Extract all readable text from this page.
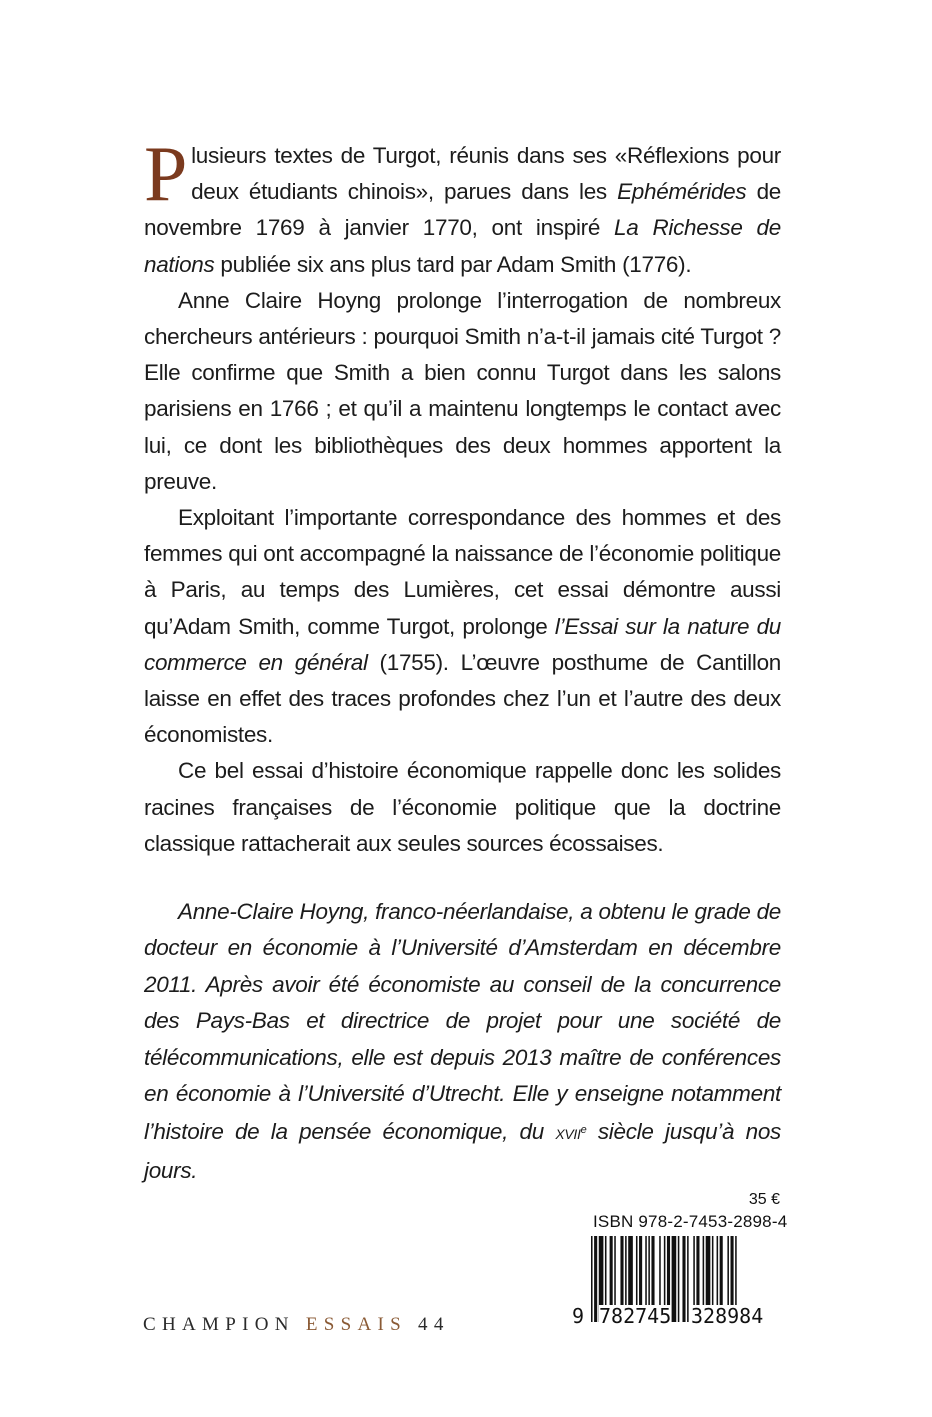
Plusieurs textes de Turgot, réunis dans ses «Réflexions pour deux étudiants chinois», parues dans les Ephémérides de novembre 1769 à janvier 1770, ont inspiré La Richesse de nations publiée six ans plus tard par Adam Smith (1776).

Anne Claire Hoyng prolonge l’interrogation de nombreux chercheurs antérieurs : pourquoi Smith n’a-t-il jamais cité Turgot ? Elle confirme que Smith a bien connu Turgot dans les salons parisiens en 1766 ; et qu’il a maintenu longtemps le contact avec lui, ce dont les bibliothèques des deux hommes apportent la preuve.

Exploitant l’importante correspondance des hommes et des femmes qui ont accompagné la naissance de l’économie politique à Paris, au temps des Lumières, cet essai démontre aussi qu’Adam Smith, comme Turgot, prolonge l’Essai sur la nature du commerce en général (1755). L’œuvre posthume de Cantillon laisse en effet des traces profondes chez l’un et l’autre des deux économistes.

Ce bel essai d’histoire économique rappelle donc les solides racines françaises de l’économie politique que la doctrine classique rattacherait aux seules sources écossaises.

Anne-Claire Hoyng, franco-néerlandaise, a obtenu le grade de docteur en économie à l’Université d’Amsterdam en décembre 2011. Après avoir été économiste au conseil de la concurrence des Pays-Bas et directrice de projet pour une société de télécommunications, elle est depuis 2013 maître de conférences en économie à l’Université d’Utrecht. Elle y enseigne notamment l’histoire de la pensée économique, du XVIIe siècle jusqu’à nos jours.

CHAMPION ESSAIS 44
35 €
ISBN 978-2-7453-2898-4
9 782745 328984
